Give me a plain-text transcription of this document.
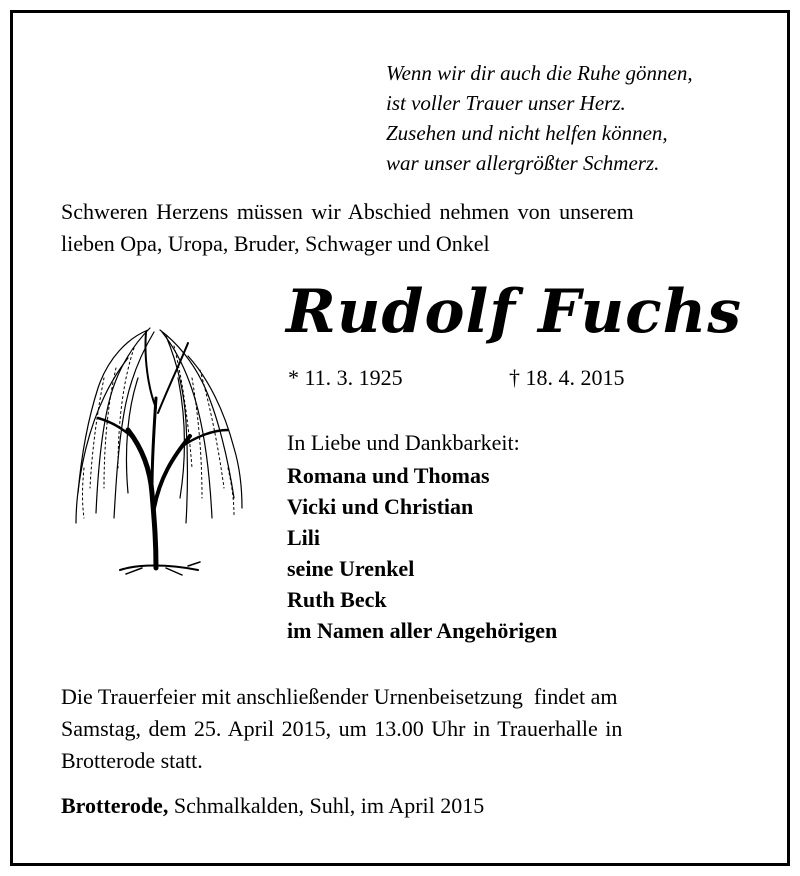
Wenn wir dir auch die Ruhe gönnen,
ist voller Trauer unser Herz.
Zusehen und nicht helfen können,
war unser allergrößter Schmerz.
Schweren Herzens müssen wir Abschied nehmen von unserem
lieben Opa, Uropa, Bruder, Schwager und Onkel
Rudolf Fuchs
* 11. 3. 1925	† 18. 4. 2015
In Liebe und Dankbarkeit:
Romana und Thomas
Vicki und Christian
Lili
seine Urenkel
Ruth Beck
im Namen aller Angehörigen
Die Trauerfeier mit anschließender Urnenbeisetzung  findet am
Samstag, dem 25. April 2015, um 13.00 Uhr in Trauerhalle in
Brotterode statt.
Brotterode, Schmalkalden, Suhl, im April 2015
